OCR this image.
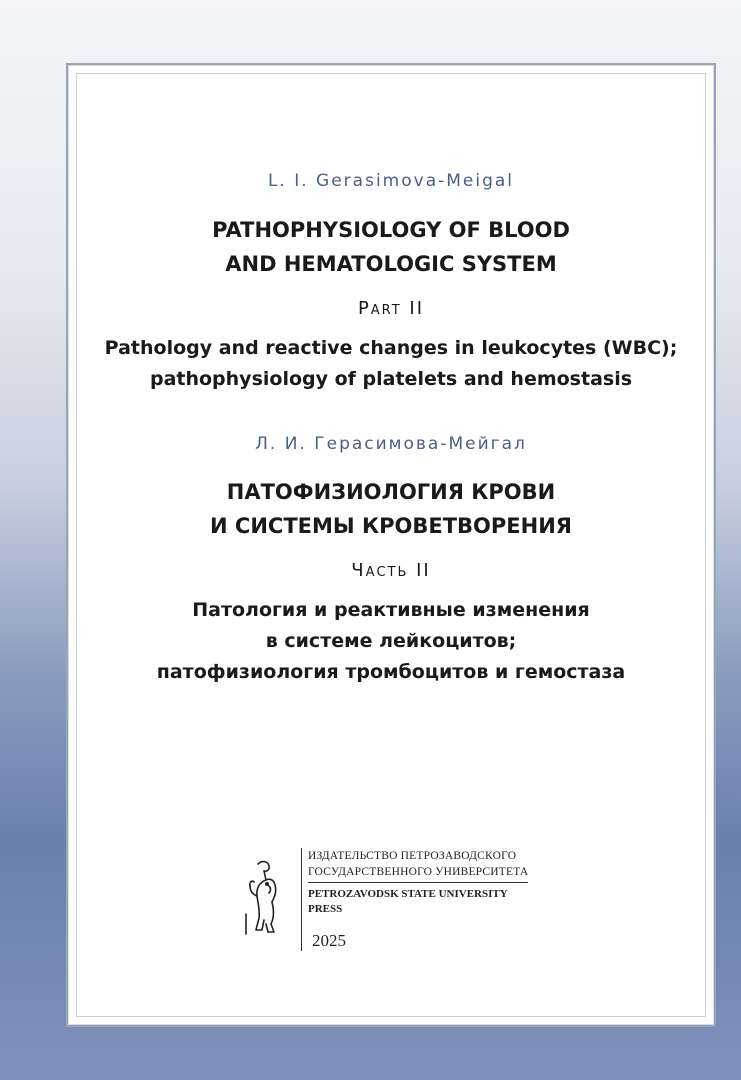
L. I. Gerasimova-Meigal
PATHOPHYSIOLOGY OF BLOOD
AND HEMATOLOGIC SYSTEM
Part II
Pathology and reactive changes in leukocytes (WBC);
pathophysiology of platelets and hemostasis
Л. И. Герасимова-Мейгал
ПАТОФИЗИОЛОГИЯ КРОВИ
И СИСТЕМЫ КРОВЕТВОРЕНИЯ
Часть II
Патология и реактивные изменения
в системе лейкоцитов;
патофизиология тромбоцитов и гемостаза
ИЗДАТЕЛЬСТВО ПЕТРОЗАВОДСКОГО
ГОСУДАРСТВЕННОГО УНИВЕРСИТЕТА
PETROZAVODSK STATE UNIVERSITY
PRESS
2025
